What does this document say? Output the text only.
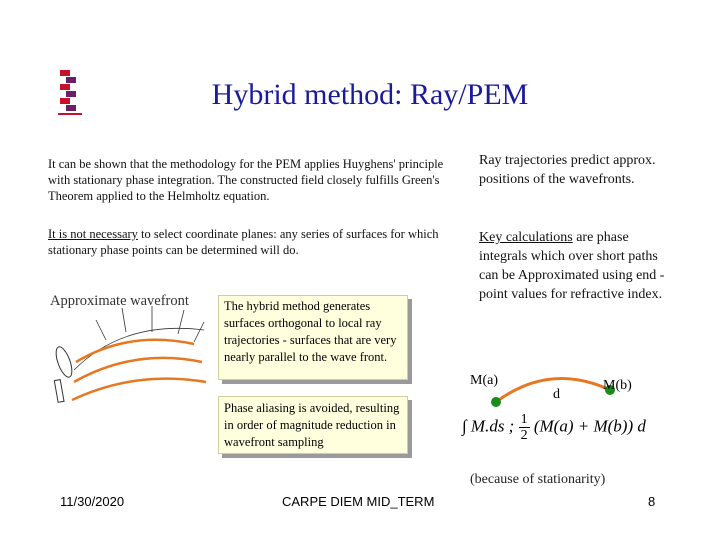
Hybrid method: Ray/PEM
It can be shown that the methodology for the PEM applies Huyghens' principle with stationary phase integration. The constructed field closely fulfills Green's Theorem applied to the Helmholtz equation.
It is not necessary to select coordinate planes: any series of surfaces for which stationary phase points can be determined will do.
Approximate wavefront	The hybrid method generates surfaces orthogonal to local ray trajectories - surfaces that are very nearly parallel to the wave front.
Phase aliasing is avoided, resulting in order of magnitude reduction in wavefront sampling
Ray trajectories predict approx. positions of the wavefronts.
Key calculations are phase integrals which over short paths can be Approximated using end -point values for refractive index.
M(a)
d
M(b)
∫ M.ds ; $\frac{1}{2} (M(a) + M(b))$ d
(because of stationarity)
11/30/2020	CARPE DIEM MID_TERM	8
